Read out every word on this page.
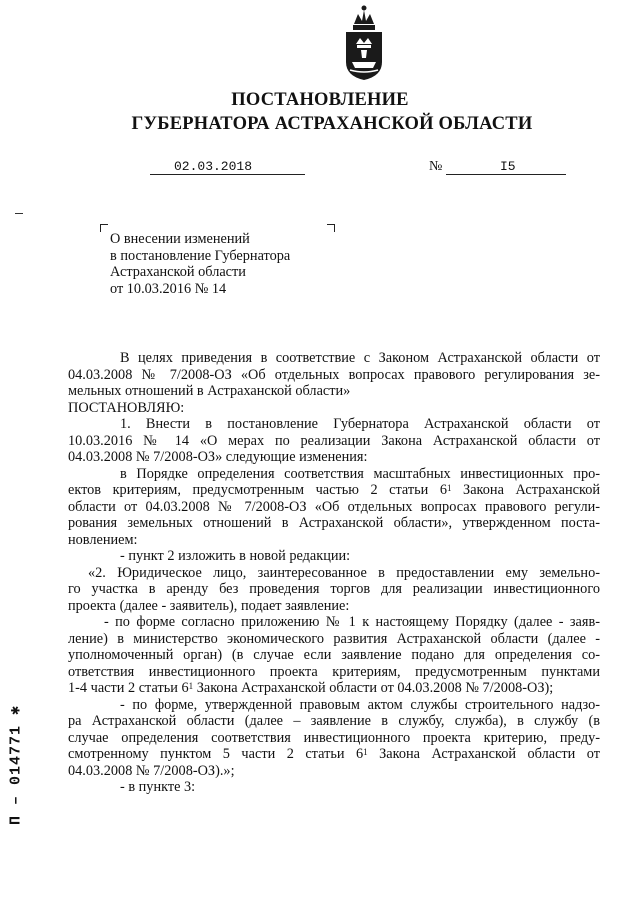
ПОСТАНОВЛЕНИЕ
ГУБЕРНАТОРА АСТРАХАНСКОЙ ОБЛАСТИ
02.03.2018	№	I5
О внесении изменений
в постановление Губернатора
Астраханской области
от 10.03.2016 № 14

В целях приведения в соответствие с Законом Астраханской области от

04.03.2008 № 7/2008-ОЗ «Об отдельных вопросах правового регулирования зе-

мельных отношений в Астраханской области»

ПОСТАНОВЛЯЮ:

1. Внести в постановление Губернатора Астраханской области от

10.03.2016 № 14 «О мерах по реализации Закона Астраханской области от

04.03.2008 № 7/2008-ОЗ» следующие изменения:

в Порядке определения соответствия масштабных инвестиционных про-

ектов критериям, предусмотренным частью 2 статьи $6^1$ Закона Астраханской

области от 04.03.2008 № 7/2008-ОЗ «Об отдельных вопросах правового регули-

рования земельных отношений в Астраханской области», утвержденном поста-

новлением:

- пункт 2 изложить в новой редакции:

«2. Юридическое лицо, заинтересованное в предоставлении ему земельно-

го участка в аренду без проведения торгов для реализации инвестиционного

проекта (далее - заявитель), подает заявление:

- по форме согласно приложению № 1 к настоящему Порядку (далее - заяв-

ление) в министерство экономического развития Астраханской области (далее -

уполномоченный орган) (в случае если заявление подано для определения со-

ответствия инвестиционного проекта критериям, предусмотренным пунктами

1-4 части 2 статьи $6^1$ Закона Астраханской области от 04.03.2008 № 7/2008-ОЗ);

- по форме, утвержденной правовым актом службы строительного надзо-

ра Астраханской области (далее – заявление в службу, служба), в службу (в

случае определения соответствия инвестиционного проекта критерию, преду-

смотренному пунктом 5 части 2 статьи $6^1$ Закона Астраханской области от

04.03.2008 № 7/2008-ОЗ).»;

- в пункте 3:

П – 014771 ✱
